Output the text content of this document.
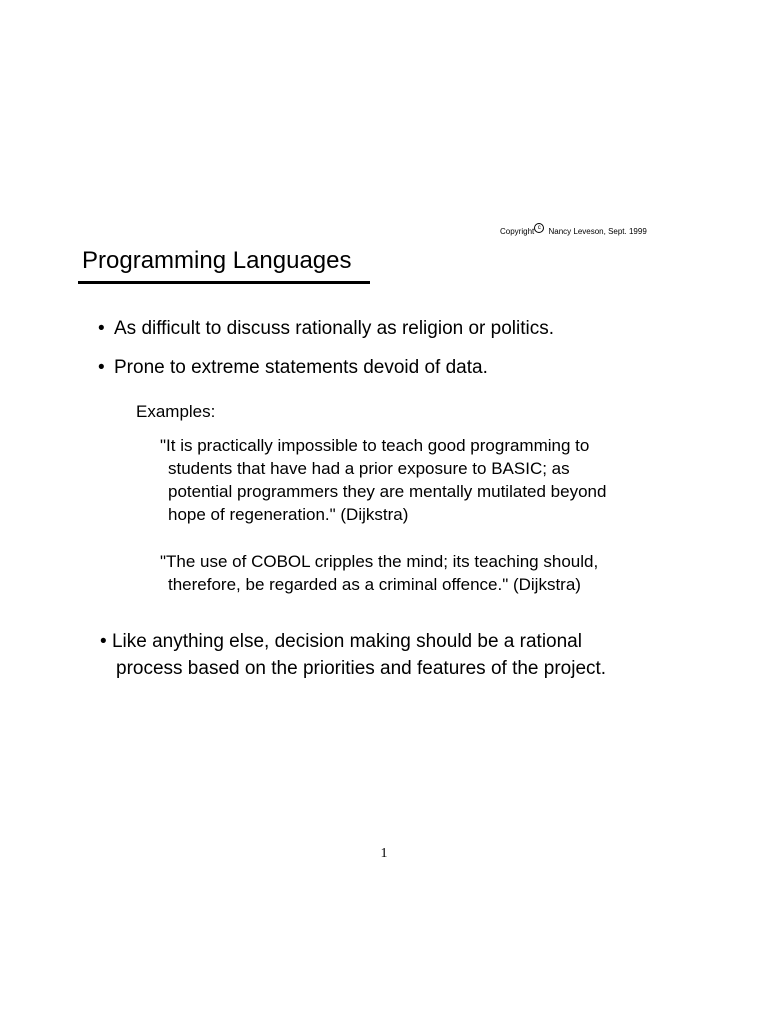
Copyright c Nancy Leveson, Sept. 1999
Programming Languages
• As difficult to discuss rationally as religion or politics.
• Prone to extreme statements devoid of data.
Examples:
"It is practically impossible to teach good programming to
students that have had a prior exposure to BASIC; as
potential programmers they are mentally mutilated beyond
hope of regeneration." (Dijkstra)
"The use of COBOL cripples the mind; its teaching should,
therefore, be regarded as a criminal offence." (Dijkstra)
• Like anything else, decision making should be a rational
process based on the priorities and features of the project.
1
